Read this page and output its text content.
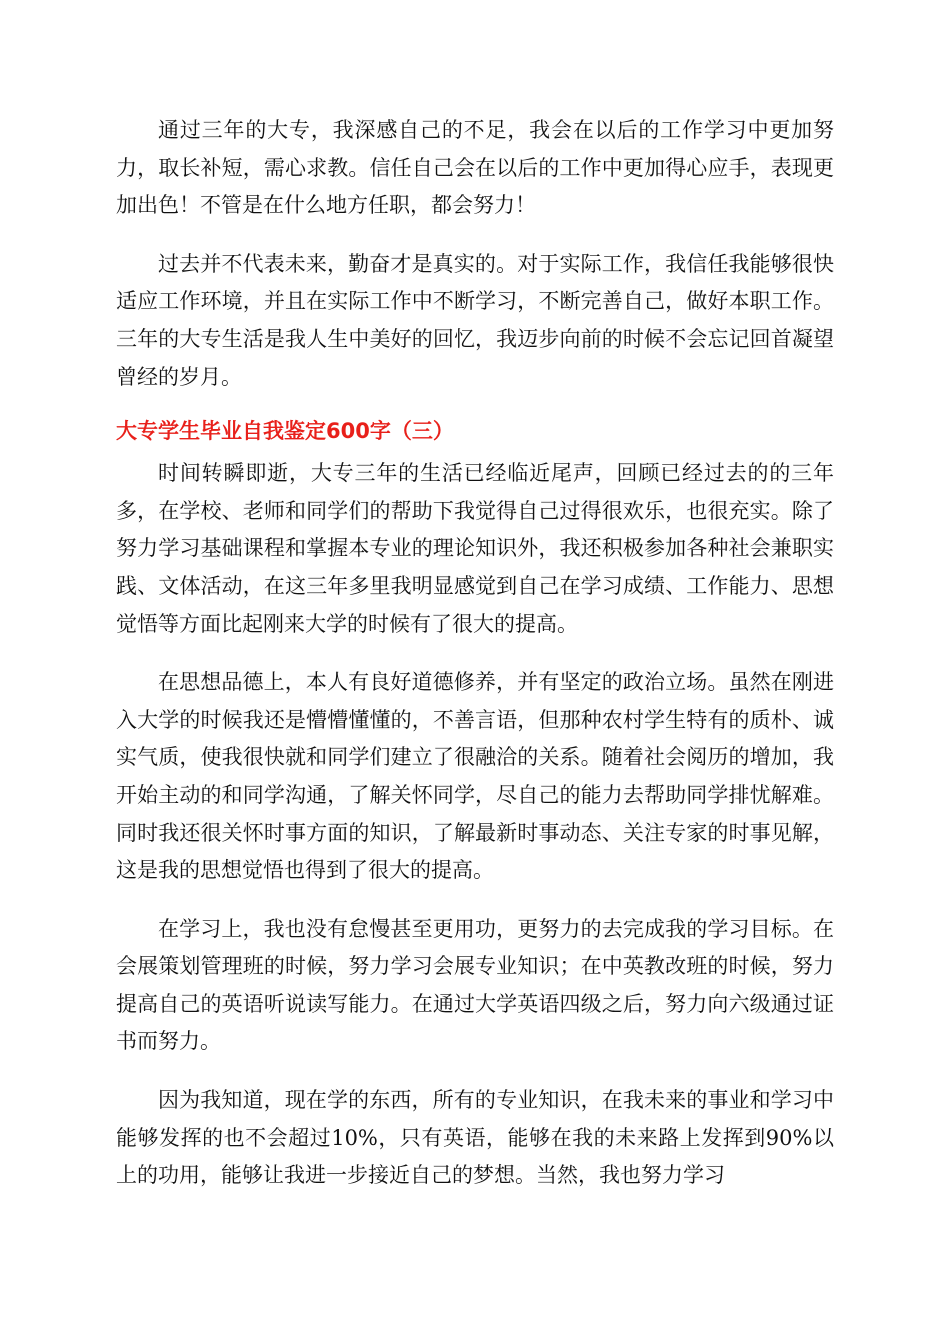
通过三年的大专，我深感自己的不足，我会在以后的工作学习中更加努力，取长补短，需心求教。信任自己会在以后的工作中更加得心应手，表现更加出色！不管是在什么地方任职，都会努力！

过去并不代表未来，勤奋才是真实的。对于实际工作，我信任我能够很快适应工作环境，并且在实际工作中不断学习，不断完善自己，做好本职工作。三年的大专生活是我人生中美好的回忆，我迈步向前的时候不会忘记回首凝望曾经的岁月。

大专学生毕业自我鉴定600字（三）

时间转瞬即逝，大专三年的生活已经临近尾声，回顾已经过去的的三年多，在学校、老师和同学们的帮助下我觉得自己过得很欢乐，也很充实。除了努力学习基础课程和掌握本专业的理论知识外，我还积极参加各种社会兼职实践、文体活动，在这三年多里我明显感觉到自己在学习成绩、工作能力、思想觉悟等方面比起刚来大学的时候有了很大的提高。

在思想品德上，本人有良好道德修养，并有坚定的政治立场。虽然在刚进入大学的时候我还是懵懵懂懂的，不善言语，但那种农村学生特有的质朴、诚实气质，使我很快就和同学们建立了很融洽的关系。随着社会阅历的增加，我开始主动的和同学沟通，了解关怀同学，尽自己的能力去帮助同学排忧解难。同时我还很关怀时事方面的知识，了解最新时事动态、关注专家的时事见解，这是我的思想觉悟也得到了很大的提高。

在学习上，我也没有怠慢甚至更用功，更努力的去完成我的学习目标。在会展策划管理班的时候，努力学习会展专业知识；在中英教改班的时候，努力提高自己的英语听说读写能力。在通过大学英语四级之后，努力向六级通过证书而努力。

因为我知道，现在学的东西，所有的专业知识，在我未来的事业和学习中能够发挥的也不会超过10%，只有英语，能够在我的未来路上发挥到90%以上的功用，能够让我进一步接近自己的梦想。当然，我也努力学习
